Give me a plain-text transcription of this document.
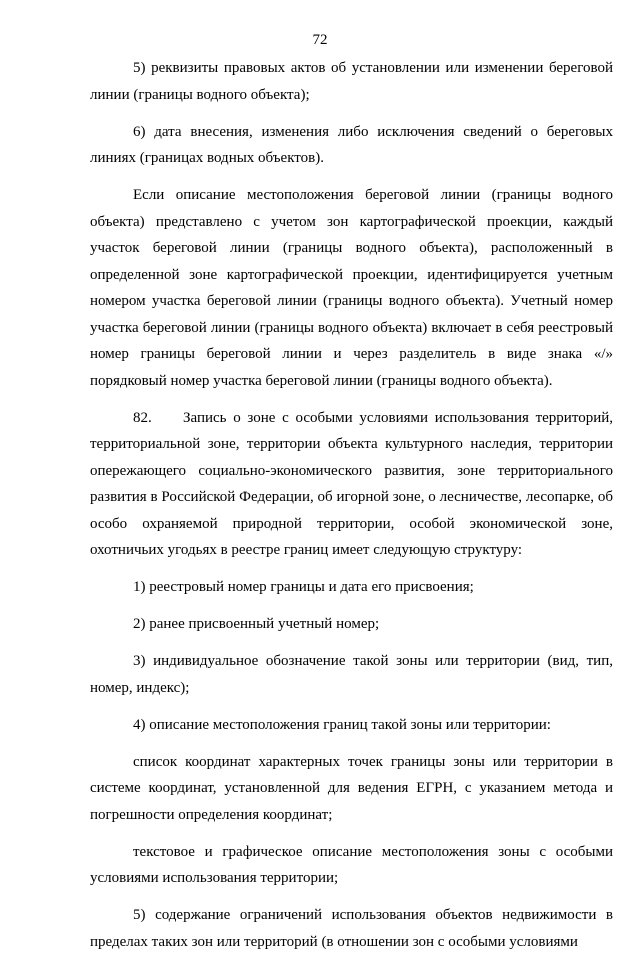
72

5) реквизиты правовых актов об установлении или изменении береговой линии (границы водного объекта);

6) дата внесения, изменения либо исключения сведений о береговых линиях (границах водных объектов).

Если описание местоположения береговой линии (границы водного объекта) представлено с учетом зон картографической проекции, каждый участок береговой линии (границы водного объекта), расположенный в определенной зоне картографической проекции, идентифицируется учетным номером участка береговой линии (границы водного объекта). Учетный номер участка береговой линии (границы водного объекта) включает в себя реестровый номер границы береговой линии и через разделитель в виде знака «/» порядковый номер участка береговой линии (границы водного объекта).

82. Запись о зоне с особыми условиями использования территорий, территориальной зоне, территории объекта культурного наследия, территории опережающего социально-экономического развития, зоне территориального развития в Российской Федерации, об игорной зоне, о лесничестве, лесопарке, об особо охраняемой природной территории, особой экономической зоне, охотничьих угодьях в реестре границ имеет следующую структуру:

1) реестровый номер границы и дата его присвоения;

2) ранее присвоенный учетный номер;

3) индивидуальное обозначение такой зоны или территории (вид, тип, номер, индекс);

4) описание местоположения границ такой зоны или территории:

список координат характерных точек границы зоны или территории в системе координат, установленной для ведения ЕГРН, с указанием метода и погрешности определения координат;

текстовое и графическое описание местоположения зоны с особыми условиями использования территории;

5) содержание ограничений использования объектов недвижимости в пределах таких зон или территорий (в отношении зон с особыми условиями
